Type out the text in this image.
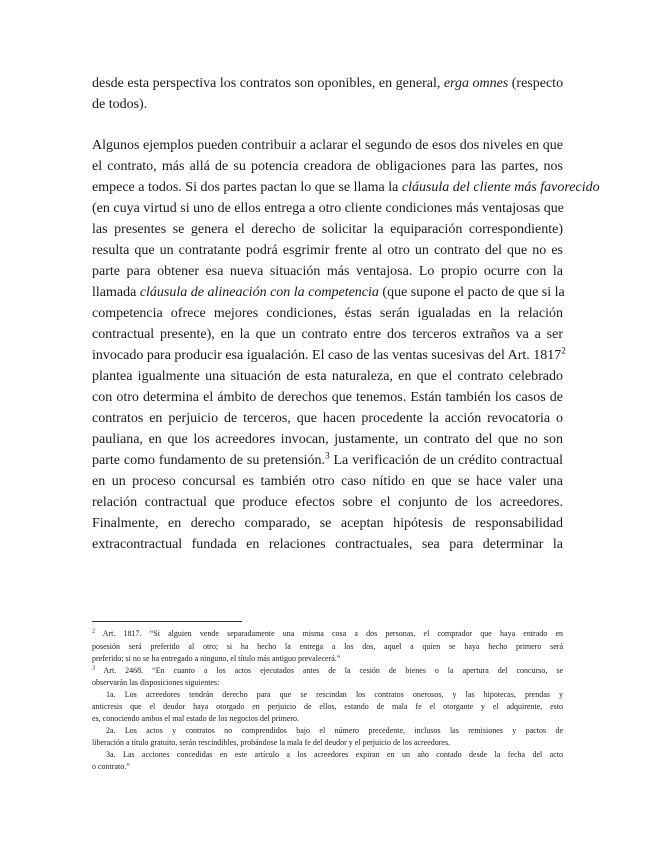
desde esta perspectiva los contratos son oponibles, en general, erga omnes (respecto
de todos).
Algunos ejemplos pueden contribuir a aclarar el segundo de esos dos niveles en que
el contrato, más allá de su potencia creadora de obligaciones para las partes, nos
empece a todos. Si dos partes pactan lo que se llama la cláusula del cliente más favorecido
(en cuya virtud si uno de ellos entrega a otro cliente condiciones más ventajosas que
las presentes se genera el derecho de solicitar la equiparación correspondiente)
resulta que un contratante podrá esgrimir frente al otro un contrato del que no es
parte para obtener esa nueva situación más ventajosa. Lo propio ocurre con la
llamada cláusula de alineación con la competencia (que supone el pacto de que si la
competencia ofrece mejores condiciones, éstas serán igualadas en la relación
contractual presente), en la que un contrato entre dos terceros extraños va a ser
invocado para producir esa igualación. El caso de las ventas sucesivas del Art. 1817$^2$
plantea igualmente una situación de esta naturaleza, en que el contrato celebrado
con otro determina el ámbito de derechos que tenemos. Están también los casos de
contratos en perjuicio de terceros, que hacen procedente la acción revocatoria o
pauliana, en que los acreedores invocan, justamente, un contrato del que no son
parte como fundamento de su pretensión.$^3$ La verificación de un crédito contractual
en un proceso concursal es también otro caso nítido en que se hace valer una
relación contractual que produce efectos sobre el conjunto de los acreedores.
Finalmente, en derecho comparado, se aceptan hipótesis de responsabilidad
extracontractual fundada en relaciones contractuales, sea para determinar la
$^2$ Art. 1817. “Si alguien vende separadamente una misma cosa a dos personas, el comprador que haya entrado en
posesión será preferido al otro; si ha hecho la entrega a los dos, aquel a quien se haya hecho primero será
preferido; si no se ha entregado a ninguno, el título más antiguo prevalecerá.”
$^3$ Art. 2468. “En cuanto a los actos ejecutados antes de la cesión de bienes o la apertura del concurso, se
observarán las disposiciones siguientes:
1a. Los acreedores tendrán derecho para que se rescindan los contratos onerosos, y las hipotecas, prendas y
anticresis que el deudor haya otorgado en perjuicio de ellos, estando de mala fe el otorgante y el adquirente, esto
es, conociendo ambos el mal estado de los negocios del primero.
2a. Los actos y contratos no comprendidos bajo el número precedente, inclusos las remisiones y pactos de
liberación a título gratuito, serán rescindibles, probándose la mala fe del deudor y el perjuicio de los acreedores.
3a. Las acciones concedidas en este artículo a los acreedores expiran en un año contado desde la fecha del acto
o contrato.”
